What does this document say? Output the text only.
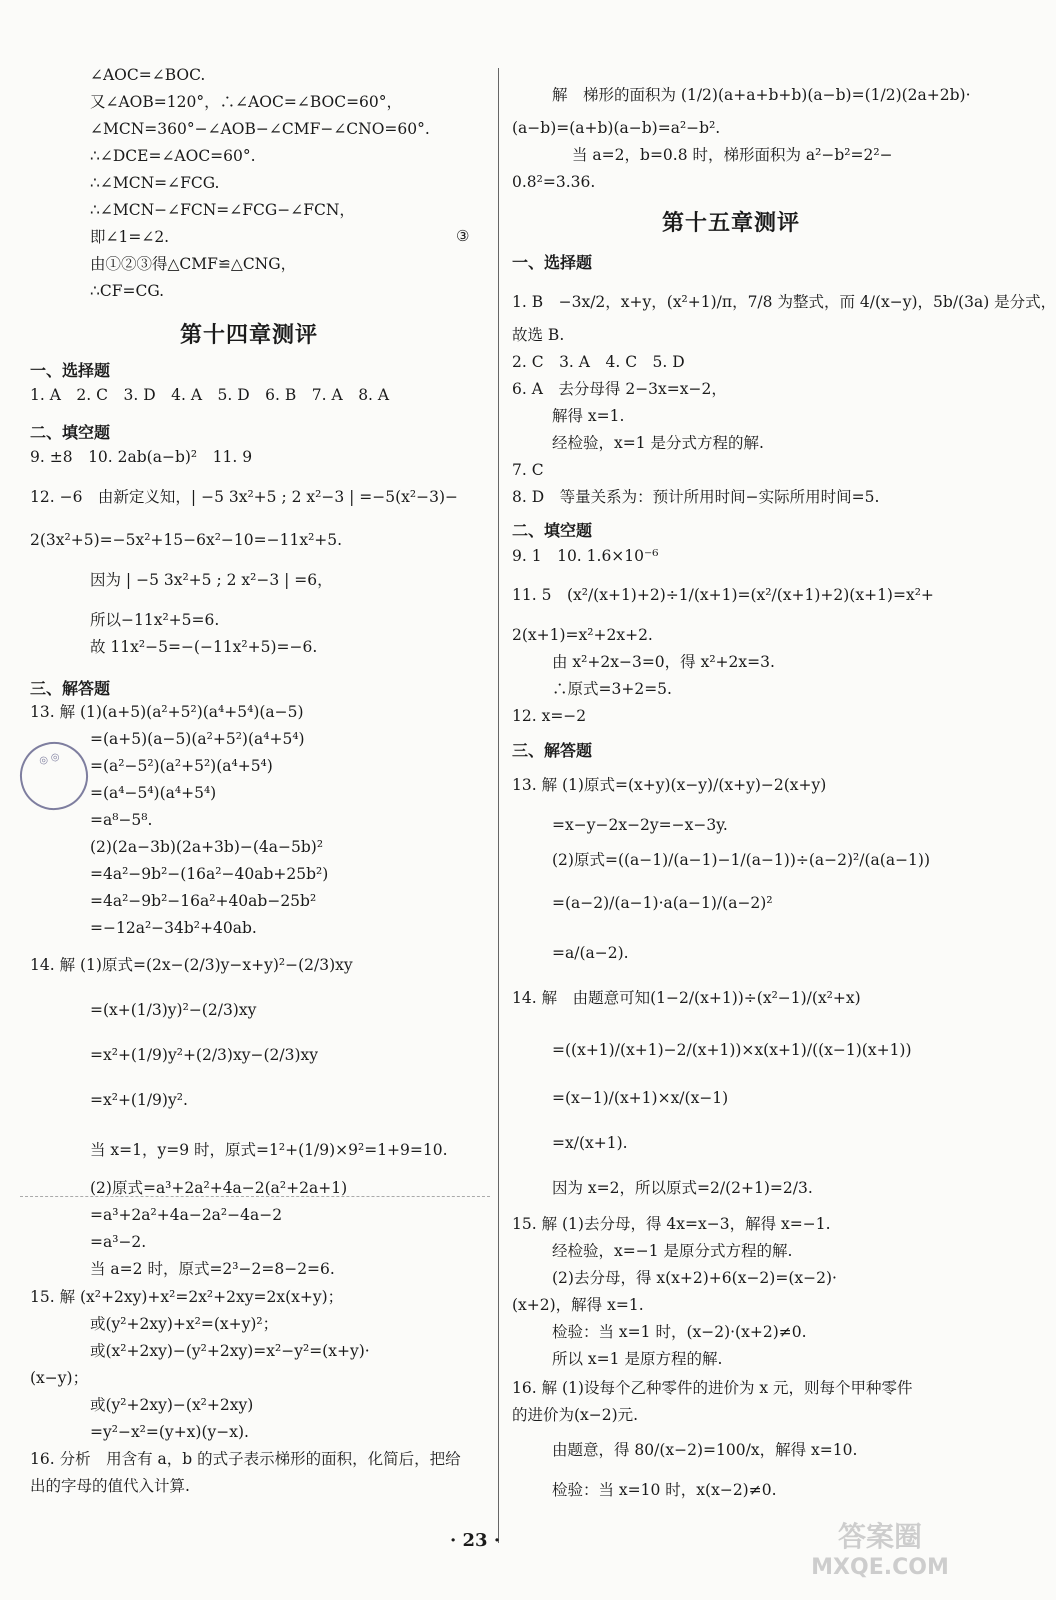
∠AOC=∠BOC.
又∠AOB=120°，∴∠AOC=∠BOC=60°，
∠MCN=360°−∠AOB−∠CMF−∠CNO=60°.
∴∠DCE=∠AOC=60°.
∴∠MCN=∠FCG.
∴∠MCN−∠FCN=∠FCG−∠FCN，
即∠1=∠2.	③
由①②③得△CMF≌△CNG，
∴CF=CG.
第十四章测评
一、选择题
1. A　2. C　3. D　4. A　5. D　6. B　7. A　8. A
二、填空题
9. ±8　10. 2ab(a−b)²　11. 9
12. −6　由新定义知，| −5 3x²+5 ; 2 x²−3 | =−5(x²−3)−
2(3x²+5)=−5x²+15−6x²−10=−11x²+5.
因为 | −5 3x²+5 ; 2 x²−3 | =6，
所以−11x²+5=6.
故 11x²−5=−(−11x²+5)=−6.
三、解答题
13. 解 (1)(a+5)(a²+5²)(a⁴+5⁴)(a−5)
=(a+5)(a−5)(a²+5²)(a⁴+5⁴)
=(a²−5²)(a²+5²)(a⁴+5⁴)
=(a⁴−5⁴)(a⁴+5⁴)
=a⁸−5⁸.
(2)(2a−3b)(2a+3b)−(4a−5b)²
=4a²−9b²−(16a²−40ab+25b²)
=4a²−9b²−16a²+40ab−25b²
=−12a²−34b²+40ab.
14. 解 (1)原式=(2x−(2/3)y−x+y)²−(2/3)xy
=(x+(1/3)y)²−(2/3)xy
=x²+(1/9)y²+(2/3)xy−(2/3)xy
=x²+(1/9)y².
当 x=1，y=9 时，原式=1²+(1/9)×9²=1+9=10.
(2)原式=a³+2a²+4a−2(a²+2a+1)
=a³+2a²+4a−2a²−4a−2
=a³−2.
当 a=2 时，原式=2³−2=8−2=6.
15. 解 (x²+2xy)+x²=2x²+2xy=2x(x+y)；
或(y²+2xy)+x²=(x+y)²；
或(x²+2xy)−(y²+2xy)=x²−y²=(x+y)·
(x−y)；
或(y²+2xy)−(x²+2xy)
=y²−x²=(y+x)(y−x).
16. 分析　用含有 a，b 的式子表示梯形的面积，化简后，把给
出的字母的值代入计算.
◎ ◎
解　梯形的面积为 (1/2)(a+a+b+b)(a−b)=(1/2)(2a+2b)·
(a−b)=(a+b)(a−b)=a²−b².
当 a=2，b=0.8 时，梯形面积为 a²−b²=2²−
0.8²=3.36.
第十五章测评
一、选择题
1. B　−3x/2，x+y，(x²+1)/π，7/8 为整式，而 4/(x−y)，5b/(3a) 是分式，
故选 B.
2. C　3. A　4. C　5. D
6. A　去分母得 2−3x=x−2，
解得 x=1.
经检验，x=1 是分式方程的解.
7. C
8. D　等量关系为：预计所用时间−实际所用时间=5.
二、填空题
9. 1　10. 1.6×10⁻⁶
11. 5　(x²/(x+1)+2)÷1/(x+1)=(x²/(x+1)+2)(x+1)=x²+
2(x+1)=x²+2x+2.
由 x²+2x−3=0，得 x²+2x=3.
∴原式=3+2=5.
12. x=−2
三、解答题
13. 解 (1)原式=(x+y)(x−y)/(x+y)−2(x+y)
=x−y−2x−2y=−x−3y.
(2)原式=((a−1)/(a−1)−1/(a−1))÷(a−2)²/(a(a−1))
=(a−2)/(a−1)·a(a−1)/(a−2)²
=a/(a−2).
14. 解　由题意可知(1−2/(x+1))÷(x²−1)/(x²+x)
=((x+1)/(x+1)−2/(x+1))×x(x+1)/((x−1)(x+1))
=(x−1)/(x+1)×x/(x−1)
=x/(x+1).
因为 x=2，所以原式=2/(2+1)=2/3.
15. 解 (1)去分母，得 4x=x−3，解得 x=−1.
经检验，x=−1 是原分式方程的解.
(2)去分母，得 x(x+2)+6(x−2)=(x−2)·
(x+2)，解得 x=1.
检验：当 x=1 时，(x−2)·(x+2)≠0.
所以 x=1 是原方程的解.
16. 解 (1)设每个乙种零件的进价为 x 元，则每个甲种零件
的进价为(x−2)元.
由题意，得 80/(x−2)=100/x，解得 x=10.
检验：当 x=10 时，x(x−2)≠0.
· 23 ·	答案圈
MXQE.COM
